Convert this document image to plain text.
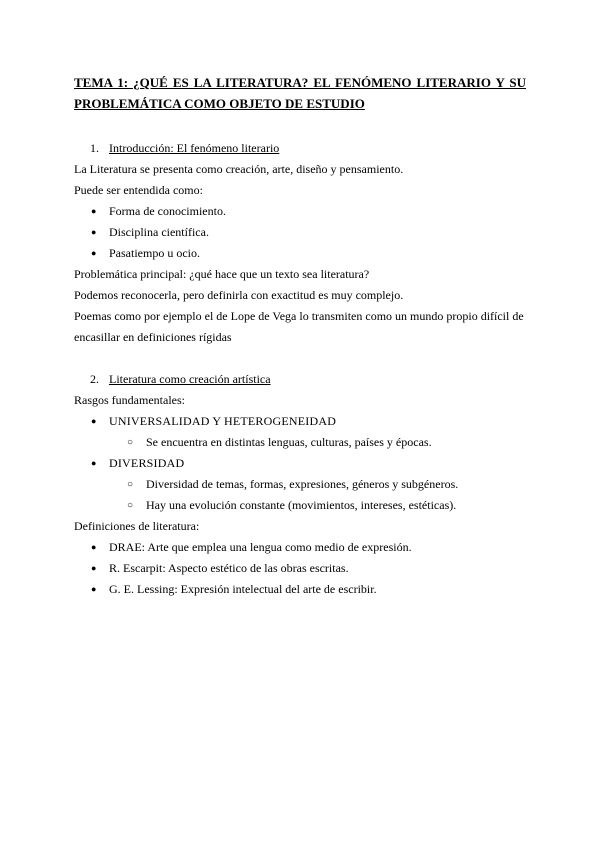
TEMA 1: ¿QUÉ ES LA LITERATURA? EL FENÓMENO LITERARIO Y SU PROBLEMÁTICA COMO OBJETO DE ESTUDIO
1. Introducción: El fenómeno literario

La Literatura se presenta como creación, arte, diseño y pensamiento.

Puede ser entendida como:

● Forma de conocimiento.
● Disciplina científica.
● Pasatiempo u ocio.

Problemática principal: ¿qué hace que un texto sea literatura?

Podemos reconocerla, pero definirla con exactitud es muy complejo.

Poemas como por ejemplo el de Lope de Vega lo transmiten como un mundo propio difícil de encasillar en definiciones rígidas

2. Literatura como creación artística

Rasgos fundamentales:

● UNIVERSALIDAD Y HETEROGENEIDAD
○ Se encuentra en distintas lenguas, culturas, países y épocas.
● DIVERSIDAD
○ Diversidad de temas, formas, expresiones, géneros y subgéneros.
○ Hay una evolución constante (movimientos, intereses, estéticas).

Definiciones de literatura:

● DRAE: Arte que emplea una lengua como medio de expresión.
● R. Escarpit: Aspecto estético de las obras escritas.
● G. E. Lessing: Expresión intelectual del arte de escribir.
